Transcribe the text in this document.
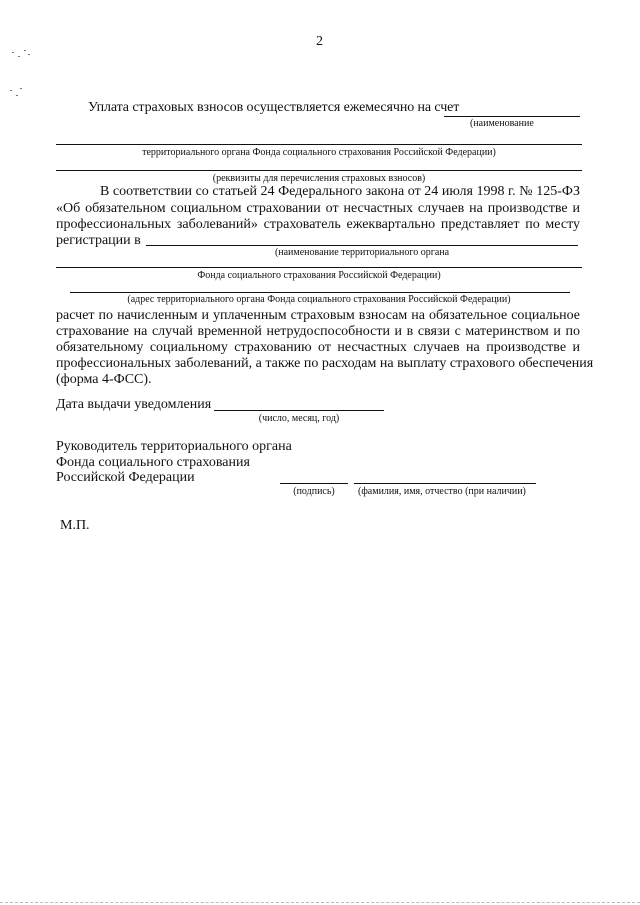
2
Уплата страховых взносов осуществляется ежемесячно на счет
(наименование
территориального органа Фонда социального страхования Российской Федерации)
(реквизиты для перечисления страховых взносов)
В соответствии со статьей 24 Федерального закона от 24 июля 1998 г. № 125-ФЗ
«Об обязательном социальном страховании от несчастных случаев на производстве и
профессиональных заболеваний» страхователь ежеквартально представляет по месту
регистрации в
(наименование территориального органа
Фонда социального страхования Российской Федерации)
(адрес территориального органа Фонда социального страхования Российской Федерации)
расчет по начисленным и уплаченным страховым взносам на обязательное социальное
страхование на случай временной нетрудоспособности и в связи с материнством и по
обязательному социальному страхованию от несчастных случаев на производстве и
профессиональных заболеваний, а также по расходам на выплату страхового обеспечения
(форма 4-ФСС).
Дата выдачи уведомления
(число, месяц, год)
Руководитель территориального органа
Фонда социального страхования
Российской Федерации
(подпись)	(фамилия, имя, отчество (при наличии)
М.П.
